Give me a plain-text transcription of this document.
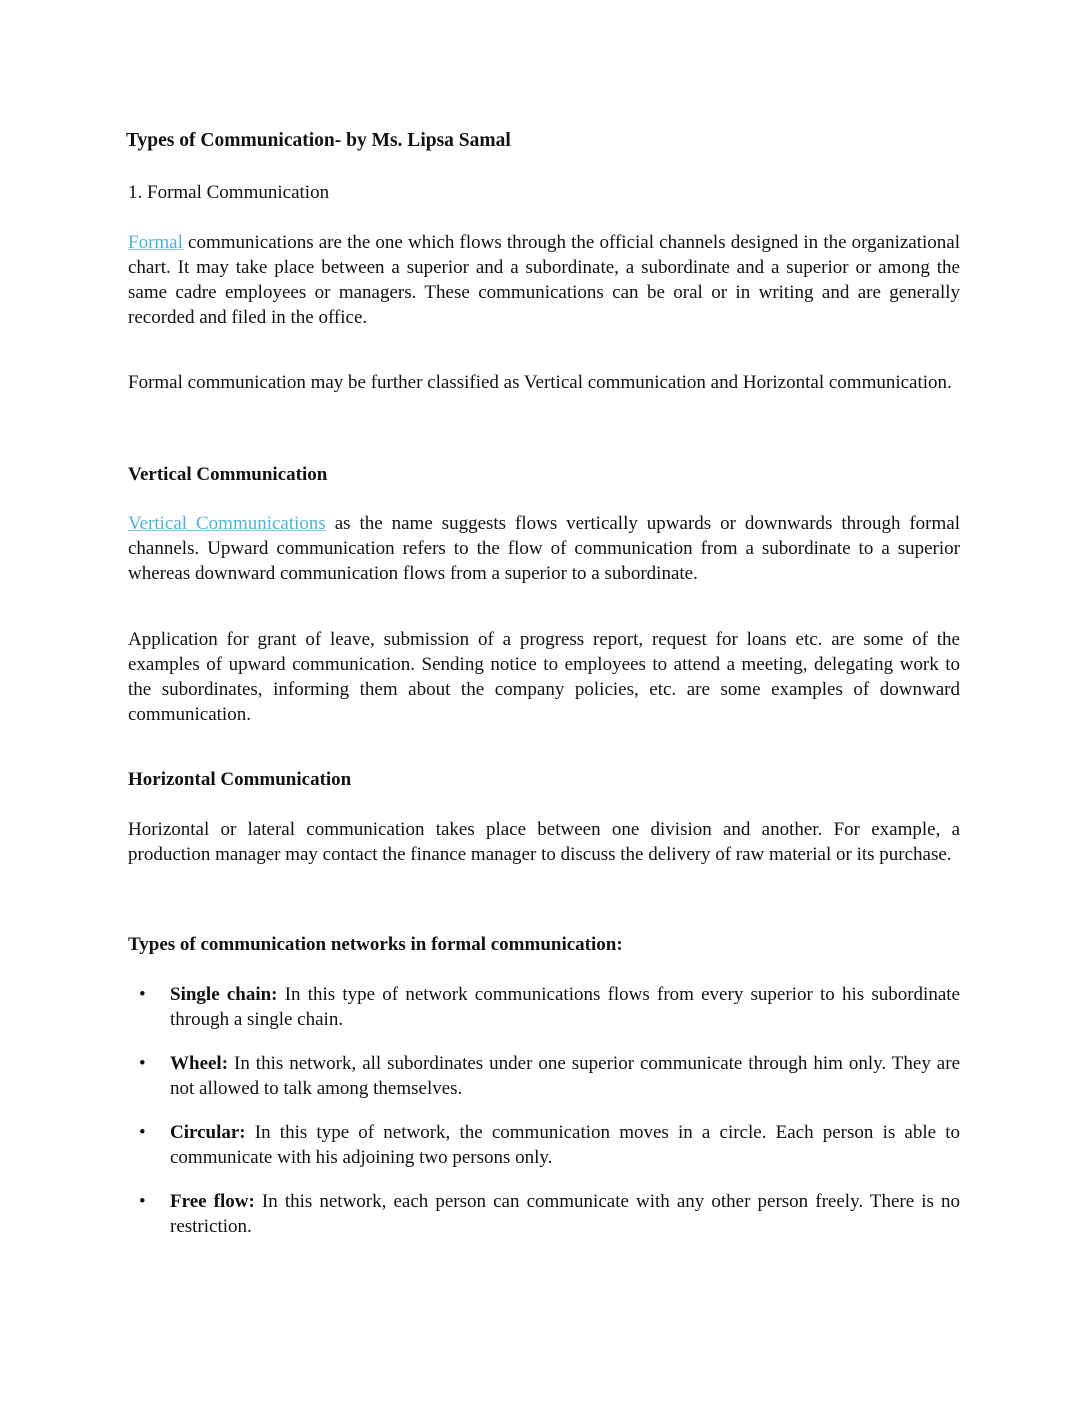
Types of Communication- by Ms. Lipsa Samal
1. Formal Communication
Formal communications are the one which flows through the official channels designed in the organizational chart. It may take place between a superior and a subordinate, a subordinate and a superior or among the same cadre employees or managers. These communications can be oral or in writing and are generally recorded and filed in the office.
Formal communication may be further classified as Vertical communication and Horizontal communication.
Vertical Communication
Vertical Communications as the name suggests flows vertically upwards or downwards through formal channels. Upward communication refers to the flow of communication from a subordinate to a superior whereas downward communication flows from a superior to a subordinate.
Application for grant of leave, submission of a progress report, request for loans etc. are some of the examples of upward communication. Sending notice to employees to attend a meeting, delegating work to the subordinates, informing them about the company policies, etc. are some examples of downward communication.
Horizontal Communication
Horizontal or lateral communication takes place between one division and another. For example, a production manager may contact the finance manager to discuss the delivery of raw material or its purchase.
Types of communication networks in formal communication:
• Single chain: In this type of network communications flows from every superior to his subordinate through a single chain.
• Wheel: In this network, all subordinates under one superior communicate through him only. They are not allowed to talk among themselves.
• Circular: In this type of network, the communication moves in a circle. Each person is able to communicate with his adjoining two persons only.
• Free flow: In this network, each person can communicate with any other person freely. There is no restriction.
